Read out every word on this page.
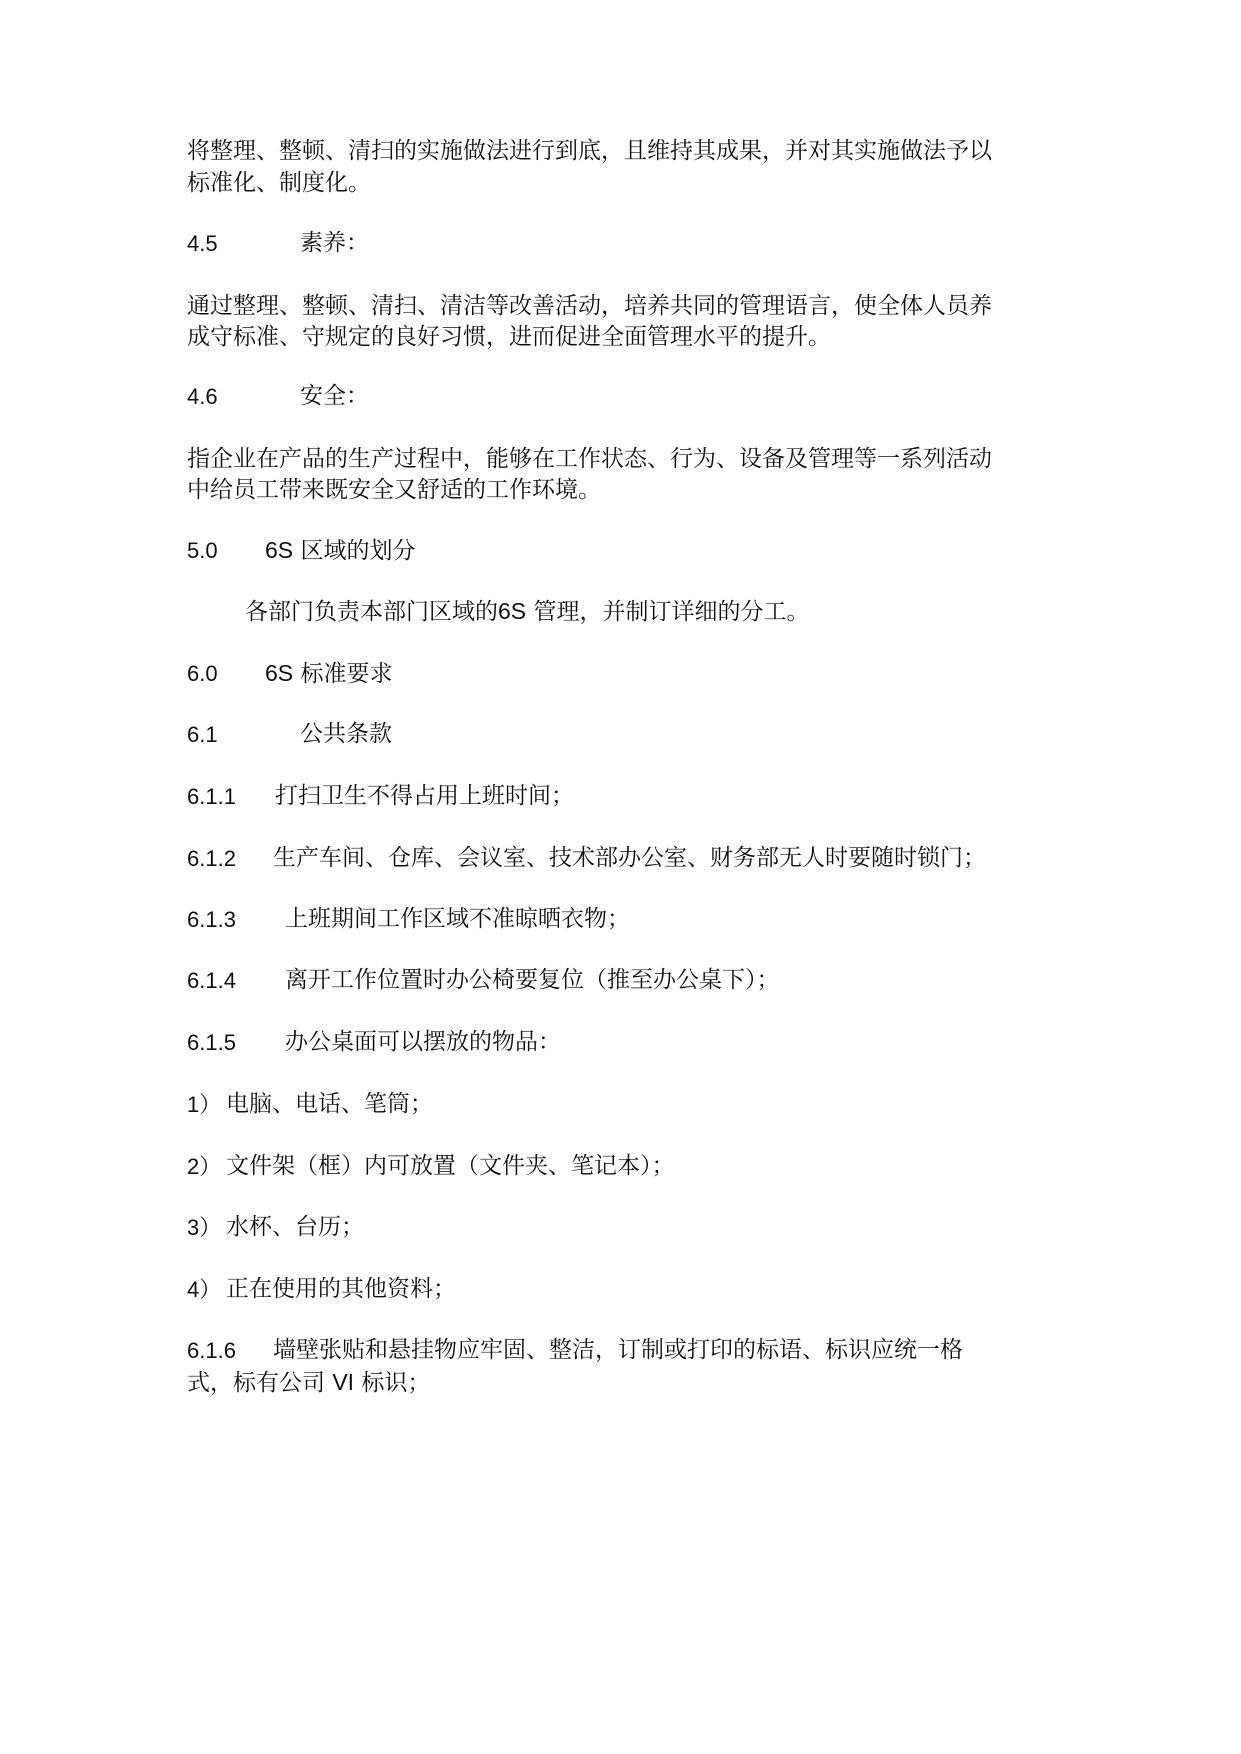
将整理、整顿、清扫的实施做法进行到底，且维持其成果，并对其实施做法予以
标准化、制度化。
4.5	素养：
通过整理、整顿、清扫、清洁等改善活动，培养共同的管理语言，使全体人员养
成守标准、守规定的良好习惯，进而促进全面管理水平的提升。
4.6	安全：
指企业在产品的生产过程中，能够在工作状态、行为、设备及管理等一系列活动
中给员工带来既安全又舒适的工作环境。
5.0 6S 区域的划分
各部门负责本部门区域的6S 管理，并制订详细的分工。
6.0 6S 标准要求
6.1	公共条款
6.1.1 打扫卫生不得占用上班时间；
6.1.2 生产车间、仓库、会议室、技术部办公室、财务部无人时要随时锁门；
6.1.3 上班期间工作区域不准晾晒衣物；
6.1.4 离开工作位置时办公椅要复位（推至办公桌下）；
6.1.5 办公桌面可以摆放的物品：
1） 电脑、电话、笔筒；
2） 文件架（框）内可放置（文件夹、笔记本）；
3） 水杯、台历；
4） 正在使用的其他资料；
6.1.6 墙壁张贴和悬挂物应牢固、整洁，订制或打印的标语、标识应统一格
式，标有公司 VI 标识；
